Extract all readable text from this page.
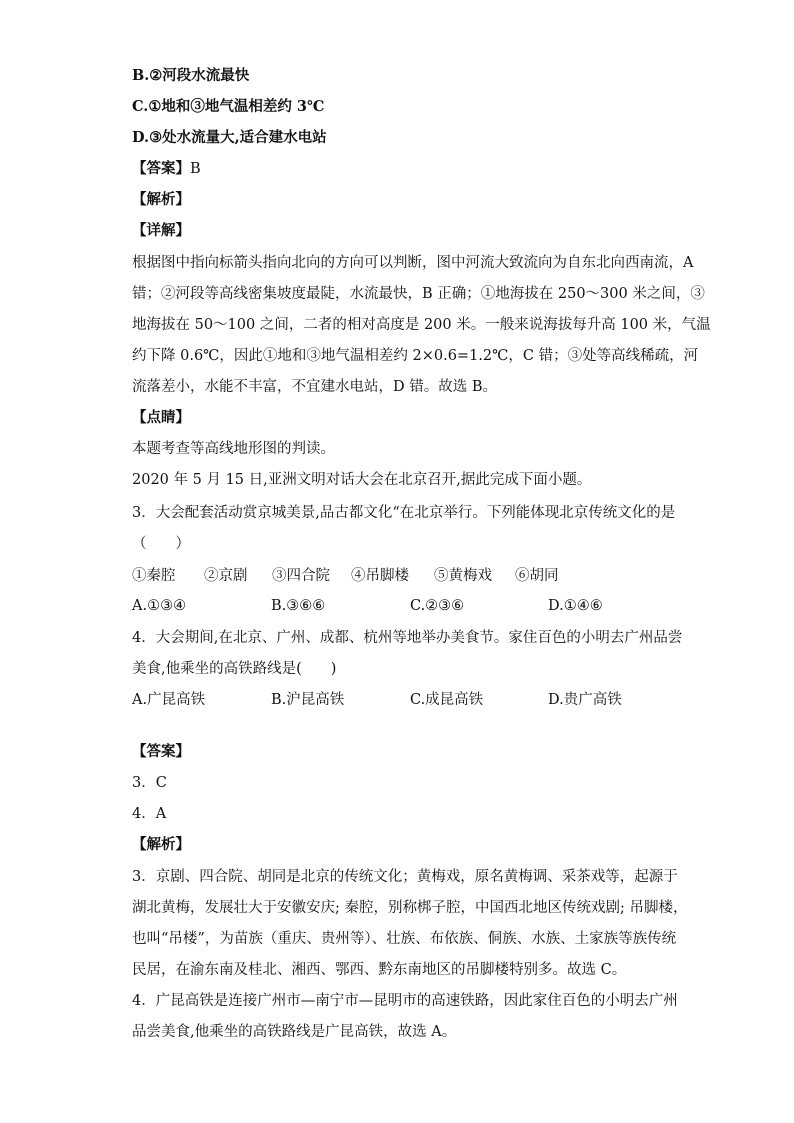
B.②河段水流最快
C.①地和③地气温相差约 3℃
D.③处水流量大,适合建水电站
【答案】B
【解析】
【详解】
根据图中指向标箭头指向北向的方向可以判断，图中河流大致流向为自东北向西南流，A
错；②河段等高线密集坡度最陡，水流最快，B 正确；①地海拔在 250～300 米之间，③
地海拔在 50～100 之间，二者的相对高度是 200 米。一般来说海拔每升高 100 米，气温
约下降 0.6℃，因此①地和③地气温相差约 2×0.6=1.2℃，C 错；③处等高线稀疏，河
流落差小，水能不丰富，不宜建水电站，D 错。故选 B。
【点睛】
本题考查等高线地形图的判读。
2020 年 5 月 15 日,亚洲文明对话大会在北京召开,据此完成下面小题。
3．大会配套活动赏京城美景,品古都文化“在北京举行。下列能体现北京传统文化的是
（　　）
①秦腔 ②京剧 ③四合院 ④吊脚楼 ⑤黄梅戏 ⑥胡同
A.①③④	B.③⑥⑥	C.②③⑥	D.①④⑥
4．大会期间,在北京、广州、成都、杭州等地举办美食节。家住百色的小明去广州品尝
美食,他乘坐的高铁路线是(　　)
A.广昆高铁	B.沪昆高铁	C.成昆高铁	D.贵广高铁
【答案】
3．C
4．A
【解析】
3．京剧、四合院、胡同是北京的传统文化；黄梅戏，原名黄梅调、采茶戏等，起源于
湖北黄梅，发展壮大于安徽安庆; 秦腔，别称梆子腔，中国西北地区传统戏剧; 吊脚楼，
也叫“吊楼”，为苗族（重庆、贵州等）、壮族、布依族、侗族、水族、土家族等族传统
民居，在渝东南及桂北、湘西、鄂西、黔东南地区的吊脚楼特别多。故选 C。
4．广昆高铁是连接广州市—南宁市—昆明市的高速铁路，因此家住百色的小明去广州
品尝美食,他乘坐的高铁路线是广昆高铁，故选 A。
